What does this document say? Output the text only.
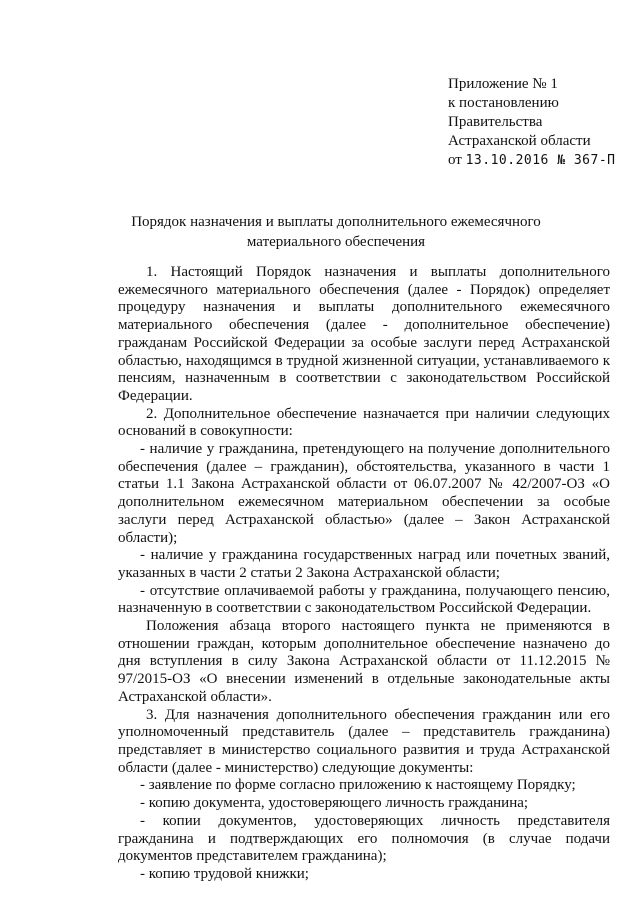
Приложение № 1
к постановлению
Правительства
Астраханской области
от 13.10.2016 № 367-П
Порядок назначения и выплаты дополнительного ежемесячного
материального обеспечения

1. Настоящий Порядок назначения и выплаты дополнительного ежемесячного материального обеспечения (далее - Порядок) определяет процедуру назначения и выплаты дополнительного ежемесячного материального обеспечения (далее - дополнительное обеспечение) гражданам Российской Федерации за особые заслуги перед Астраханской областью, находящимся в трудной жизненной ситуации, устанавливаемого к пенсиям, назначенным в соответствии с законодательством Российской Федерации.

2. Дополнительное обеспечение назначается при наличии следующих оснований в совокупности:

- наличие у гражданина, претендующего на получение дополнительного обеспечения (далее – гражданин), обстоятельства, указанного в части 1 статьи 1.1 Закона Астраханской области от 06.07.2007 № 42/2007-ОЗ «О дополнительном ежемесячном материальном обеспечении за особые заслуги перед Астраханской областью» (далее – Закон Астраханской области);

- наличие у гражданина государственных наград или почетных званий, указанных в части 2 статьи 2 Закона Астраханской области;

- отсутствие оплачиваемой работы у гражданина, получающего пенсию, назначенную в соответствии с законодательством Российской Федерации.

Положения абзаца второго настоящего пункта не применяются в отношении граждан, которым дополнительное обеспечение назначено до дня вступления в силу Закона Астраханской области от 11.12.2015 № 97/2015-ОЗ «О внесении изменений в отдельные законодательные акты Астраханской области».

3. Для назначения дополнительного обеспечения гражданин или его уполномоченный представитель (далее – представитель гражданина) представляет в министерство социального развития и труда Астраханской области (далее - министерство) следующие документы:

- заявление по форме согласно приложению к настоящему Порядку;

- копию документа, удостоверяющего личность гражданина;

- копии документов, удостоверяющих личность представителя гражданина и подтверждающих его полномочия (в случае подачи документов представителем гражданина);

- копию трудовой книжки;
